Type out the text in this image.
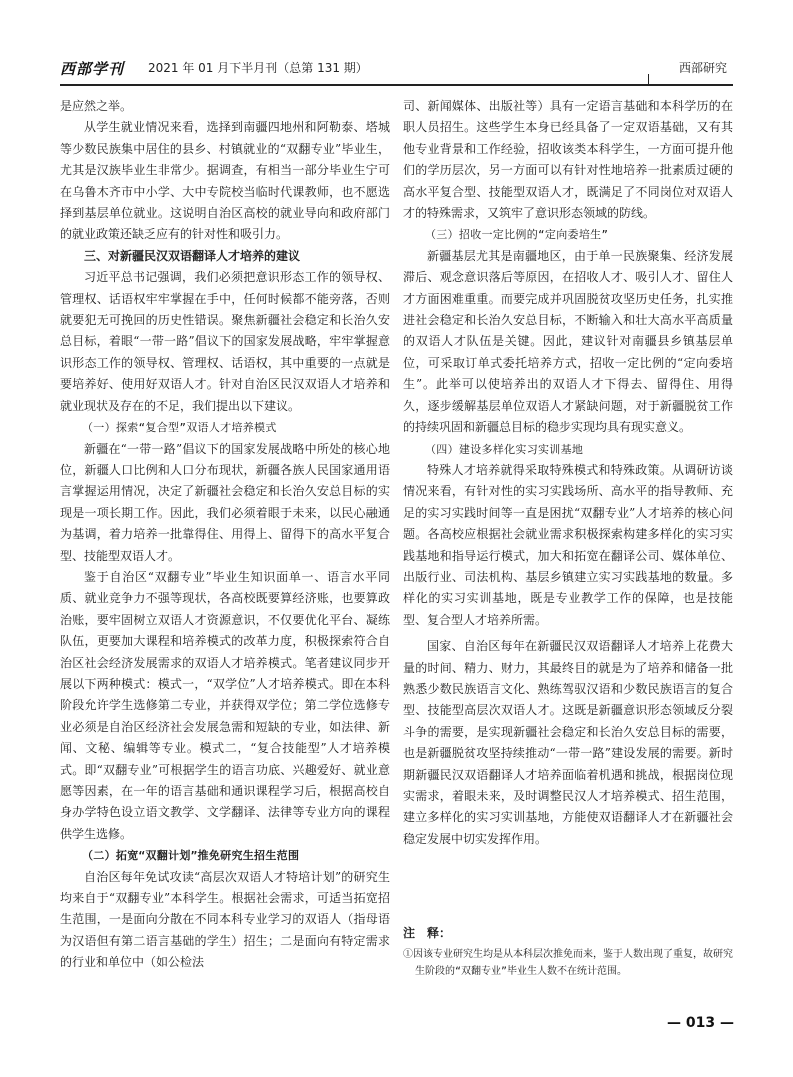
西部学刊 2021 年 01 月下半月刊（总第 131 期）	西部研究

是应然之举。

从学生就业情况来看，选择到南疆四地州和阿勒泰、塔城等少数民族集中居住的县乡、村镇就业的“双翻专业”毕业生，尤其是汉族毕业生非常少。据调查，有相当一部分毕业生宁可在乌鲁木齐市中小学、大中专院校当临时代课教师，也不愿选择到基层单位就业。这说明自治区高校的就业导向和政府部门的就业政策还缺乏应有的针对性和吸引力。

三、对新疆民汉双语翻译人才培养的建议

习近平总书记强调，我们必须把意识形态工作的领导权、管理权、话语权牢牢掌握在手中，任何时候都不能旁落，否则就要犯无可挽回的历史性错误。聚焦新疆社会稳定和长治久安总目标，着眼“一带一路”倡议下的国家发展战略，牢牢掌握意识形态工作的领导权、管理权、话语权，其中重要的一点就是要培养好、使用好双语人才。针对自治区民汉双语人才培养和就业现状及存在的不足，我们提出以下建议。

（一）探索“复合型”双语人才培养模式

新疆在“一带一路”倡议下的国家发展战略中所处的核心地位，新疆人口比例和人口分布现状，新疆各族人民国家通用语言掌握运用情况，决定了新疆社会稳定和长治久安总目标的实现是一项长期工作。因此，我们必须着眼于未来，以民心融通为基调，着力培养一批靠得住、用得上、留得下的高水平复合型、技能型双语人才。

鉴于自治区“双翻专业”毕业生知识面单一、语言水平同质、就业竞争力不强等现状，各高校既要算经济账，也要算政治账，要牢固树立双语人才资源意识，不仅要优化平台、凝练队伍，更要加大课程和培养模式的改革力度，积极探索符合自治区社会经济发展需求的双语人才培养模式。笔者建议同步开展以下两种模式：模式一，“双学位”人才培养模式。即在本科阶段允许学生选修第二专业，并获得双学位；第二学位选修专业必须是自治区经济社会发展急需和短缺的专业，如法律、新闻、文秘、编辑等专业。模式二，“复合技能型”人才培养模式。即“双翻专业”可根据学生的语言功底、兴趣爱好、就业意愿等因素，在一年的语言基础和通识课程学习后，根据高校自身办学特色设立语文教学、文学翻译、法律等专业方向的课程供学生选修。

（二）拓宽“双翻计划”推免研究生招生范围

自治区每年免试攻读“高层次双语人才特培计划”的研究生均来自于“双翻专业”本科学生。根据社会需求，可适当拓宽招生范围，一是面向分散在不同本科专业学习的双语人（指母语为汉语但有第二语言基础的学生）招生；二是面向有特定需求的行业和单位中（如公检法

司、新闻媒体、出版社等）具有一定语言基础和本科学历的在职人员招生。这些学生本身已经具备了一定双语基础，又有其他专业背景和工作经验，招收该类本科学生，一方面可提升他们的学历层次，另一方面可以有针对性地培养一批素质过硬的高水平复合型、技能型双语人才，既满足了不同岗位对双语人才的特殊需求，又筑牢了意识形态领域的防线。

（三）招收一定比例的“定向委培生”

新疆基层尤其是南疆地区，由于单一民族聚集、经济发展滞后、观念意识落后等原因，在招收人才、吸引人才、留住人才方面困难重重。而要完成并巩固脱贫攻坚历史任务，扎实推进社会稳定和长治久安总目标，不断输入和壮大高水平高质量的双语人才队伍是关键。因此，建议针对南疆县乡镇基层单位，可采取订单式委托培养方式，招收一定比例的“定向委培生”。此举可以使培养出的双语人才下得去、留得住、用得久，逐步缓解基层单位双语人才紧缺问题，对于新疆脱贫工作的持续巩固和新疆总目标的稳步实现均具有现实意义。

（四）建设多样化实习实训基地

特殊人才培养就得采取特殊模式和特殊政策。从调研访谈情况来看，有针对性的实习实践场所、高水平的指导教师、充足的实习实践时间等一直是困扰“双翻专业”人才培养的核心问题。各高校应根据社会就业需求积极探索构建多样化的实习实践基地和指导运行模式，加大和拓宽在翻译公司、媒体单位、出版行业、司法机构、基层乡镇建立实习实践基地的数量。多样化的实习实训基地，既是专业教学工作的保障，也是技能型、复合型人才培养所需。

国家、自治区每年在新疆民汉双语翻译人才培养上花费大量的时间、精力、财力，其最终目的就是为了培养和储备一批熟悉少数民族语言文化、熟练驾驭汉语和少数民族语言的复合型、技能型高层次双语人才。这既是新疆意识形态领域反分裂斗争的需要，是实现新疆社会稳定和长治久安总目标的需要，也是新疆脱贫攻坚持续推动“一带一路”建设发展的需要。新时期新疆民汉双语翻译人才培养面临着机遇和挑战，根据岗位现实需求，着眼未来，及时调整民汉人才培养模式、招生范围，建立多样化的实习实训基地，方能使双语翻译人才在新疆社会稳定发展中切实发挥作用。

注　释：

①因该专业研究生均是从本科层次推免而来，鉴于人数出现了重复，故研究生阶段的“双翻专业”毕业生人数不在统计范围。

— 013 —
